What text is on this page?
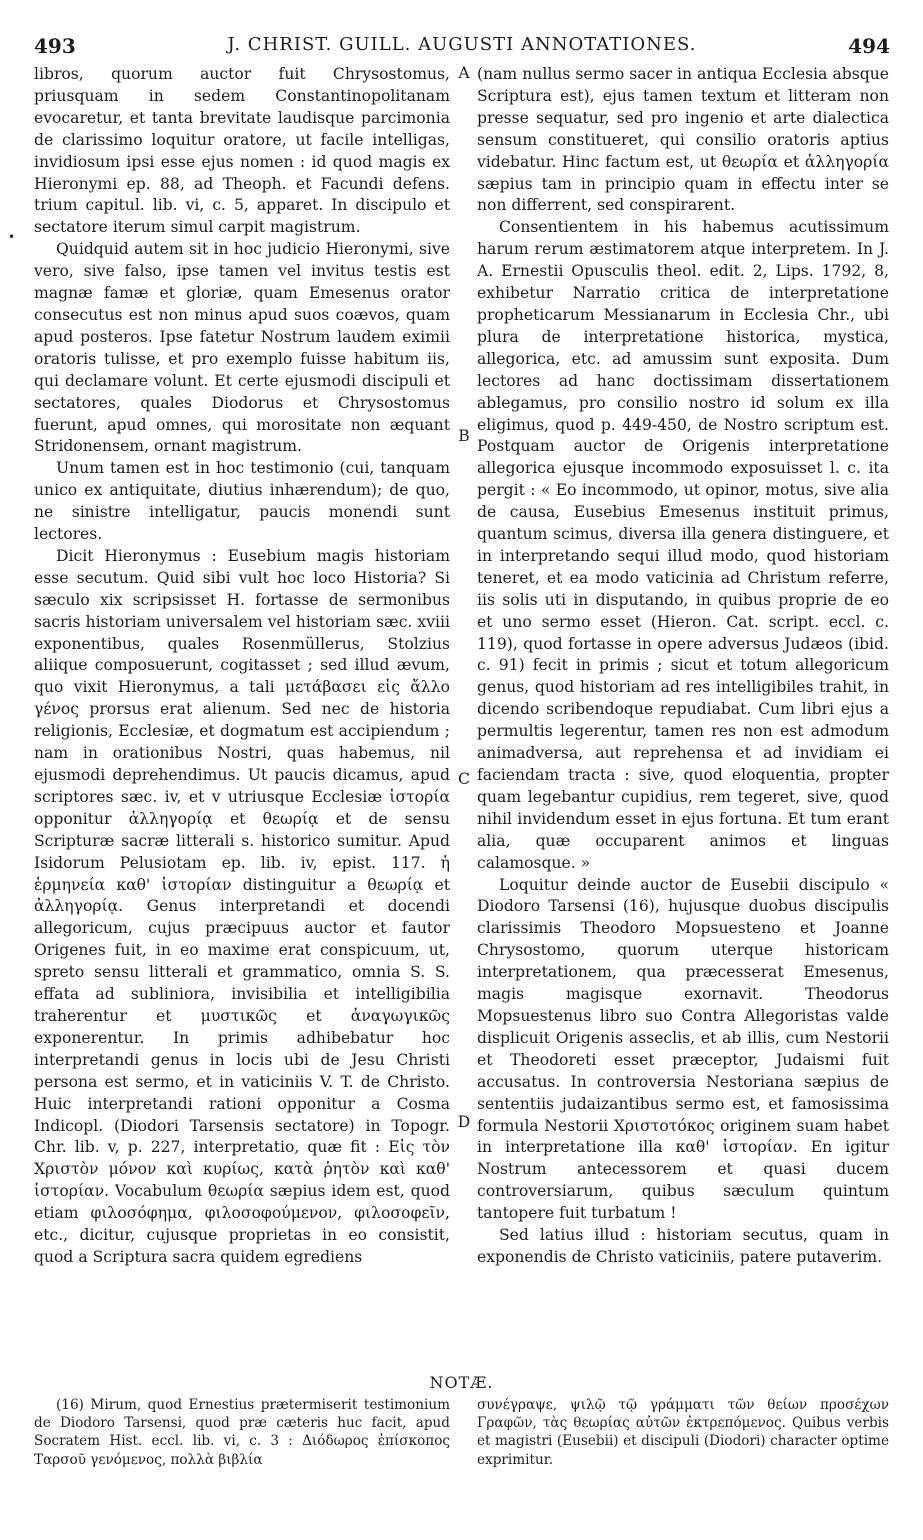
493	J. CHRIST. GUILL. AUGUSTI ANNOTATIONES.	494

libros, quorum auctor fuit Chrysostomus, priusquam in sedem Constantinopolitanam evocaretur, et tanta brevitate laudisque parcimonia de clarissimo loquitur oratore, ut facile intelligas, invidiosum ipsi esse ejus nomen : id quod magis ex Hieronymi ep. 88, ad Theoph. et Facundi defens. trium capitul. lib. vi, c. 5, apparet. In discipulo et sectatore iterum simul carpit magistrum.

Quidquid autem sit in hoc judicio Hieronymi, sive vero, sive falso, ipse tamen vel invitus testis est magnæ famæ et gloriæ, quam Emesenus orator consecutus est non minus apud suos coævos, quam apud posteros. Ipse fatetur Nostrum laudem eximii oratoris tulisse, et pro exemplo fuisse habitum iis, qui declamare volunt. Et certe ejusmodi discipuli et sectatores, quales Diodorus et Chrysostomus fuerunt, apud omnes, qui morositate non æquant Stridonensem, ornant magistrum.

Unum tamen est in hoc testimonio (cui, tanquam unico ex antiquitate, diutius inhærendum); de quo, ne sinistre intelligatur, paucis monendi sunt lectores.

Dicit Hieronymus : Eusebium magis historiam esse secutum. Quid sibi vult hoc loco Historia? Si sæculo xix scripsisset H. fortasse de sermonibus sacris historiam universalem vel historiam sæc. xviii exponentibus, quales Rosenmüllerus, Stolzius aliique composuerunt, cogitasset ; sed illud ævum, quo vixit Hieronymus, a tali μετάβασει εἰς ἄλλο γένος prorsus erat alienum. Sed nec de historia religionis, Ecclesiæ, et dogmatum est accipiendum ; nam in orationibus Nostri, quas habemus, nil ejusmodi deprehendimus. Ut paucis dicamus, apud scriptores sæc. iv, et v utriusque Ecclesiæ ἱστορία opponitur ἀλληγορίᾳ et θεωρίᾳ et de sensu Scripturæ sacræ litterali s. historico sumitur. Apud Isidorum Pelusiotam ep. lib. iv, epist. 117. ἡ ἑρμηνεία καθ' ἱστορίαν distinguitur a θεωρίᾳ et ἀλληγορίᾳ. Genus interpretandi et docendi allegoricum, cujus præcipuus auctor et fautor Origenes fuit, in eo maxime erat conspicuum, ut, spreto sensu litterali et grammatico, omnia S. S. effata ad subliniora, invisibilia et intelligibilia traherentur et μυστικῶς et ἀναγωγικῶς exponerentur. In primis adhibebatur hoc interpretandi genus in locis ubi de Jesu Christi persona est sermo, et in vaticiniis V. T. de Christo. Huic interpretandi rationi opponitur a Cosma Indicopl. (Diodori Tarsensis sectatore) in Topogr. Chr. lib. v, p. 227, interpretatio, quæ fit : Εἰς τὸν Χριστὸν μόνον καὶ κυρίως, κατὰ ῥητὸν καὶ καθ' ἱστορίαν. Vocabulum θεωρία sæpius idem est, quod etiam φιλοσόφημα, φιλοσοφούμενον, φιλοσοφεῖν, etc., dicitur, cujusque proprietas in eo consistit, quod a Scriptura sacra quidem egrediens

A
B
C
D

(nam nullus sermo sacer in antiqua Ecclesia absque Scriptura est), ejus tamen textum et litteram non presse sequatur, sed pro ingenio et arte dialectica sensum constitueret, qui consilio oratoris aptius videbatur. Hinc factum est, ut θεωρία et ἀλληγορία sæpius tam in principio quam in effectu inter se non differrent, sed conspirarent.

Consentientem in his habemus acutissimum harum rerum æstimatorem atque interpretem. In J. A. Ernestii Opusculis theol. edit. 2, Lips. 1792, 8, exhibetur Narratio critica de interpretatione propheticarum Messianarum in Ecclesia Chr., ubi plura de interpretatione historica, mystica, allegorica, etc. ad amussim sunt exposita. Dum lectores ad hanc doctissimam dissertationem ablegamus, pro consilio nostro id solum ex illa eligimus, quod p. 449-450, de Nostro scriptum est. Postquam auctor de Origenis interpretatione allegorica ejusque incommodo exposuisset l. c. ita pergit : « Eo incommodo, ut opinor, motus, sive alia de causa, Eusebius Emesenus instituit primus, quantum scimus, diversa illa genera distinguere, et in interpretando sequi illud modo, quod historiam teneret, et ea modo vaticinia ad Christum referre, iis solis uti in disputando, in quibus proprie de eo et uno sermo esset (Hieron. Cat. script. eccl. c. 119), quod fortasse in opere adversus Judæos (ibid. c. 91) fecit in primis ; sicut et totum allegoricum genus, quod historiam ad res intelligibiles trahit, in dicendo scribendoque repudiabat. Cum libri ejus a permultis legerentur, tamen res non est admodum animadversa, aut reprehensa et ad invidiam ei faciendam tracta : sive, quod eloquentia, propter quam legebantur cupidius, rem tegeret, sive, quod nihil invidendum esset in ejus fortuna. Et tum erant alia, quæ occuparent animos et linguas calamosque. »

Loquitur deinde auctor de Eusebii discipulo « Diodoro Tarsensi (16), hujusque duobus discipulis clarissimis Theodoro Mopsuesteno et Joanne Chrysostomo, quorum uterque historicam interpretationem, qua præcesserat Emesenus, magis magisque exornavit. Theodorus Mopsuestenus libro suo Contra Allegoristas valde displicuit Origenis asseclis, et ab illis, cum Nestorii et Theodoreti esset præceptor, Judaismi fuit accusatus. In controversia Nestoriana sæpius de sententiis judaizantibus sermo est, et famosissima formula Nestorii Χριστοτόκος originem suam habet in interpretatione illa καθ' ἱστορίαν. En igitur Nostrum antecessorem et quasi ducem controversiarum, quibus sæculum quintum tantopere fuit turbatum !

Sed latius illud : historiam secutus, quam in exponendis de Christo vaticiniis, patere putaverim.

NOTÆ.

(16) Mirum, quod Ernestius prætermiserit testimonium de Diodoro Tarsensi, quod præ cæteris huc facit, apud Socratem Hist. eccl. lib. vi, c. 3 : Διόδωρος ἐπίσκοπος Ταρσοῦ γενόμενος, πολλὰ βιβλία

συνέγραψε, ψιλῷ τῷ γράμματι τῶν θείων προσέχων Γραφῶν, τὰς θεωρίας αὐτῶν ἐκτρεπόμενος. Quibus verbis et magistri (Eusebii) et discipuli (Diodori) character optime exprimitur.

•
